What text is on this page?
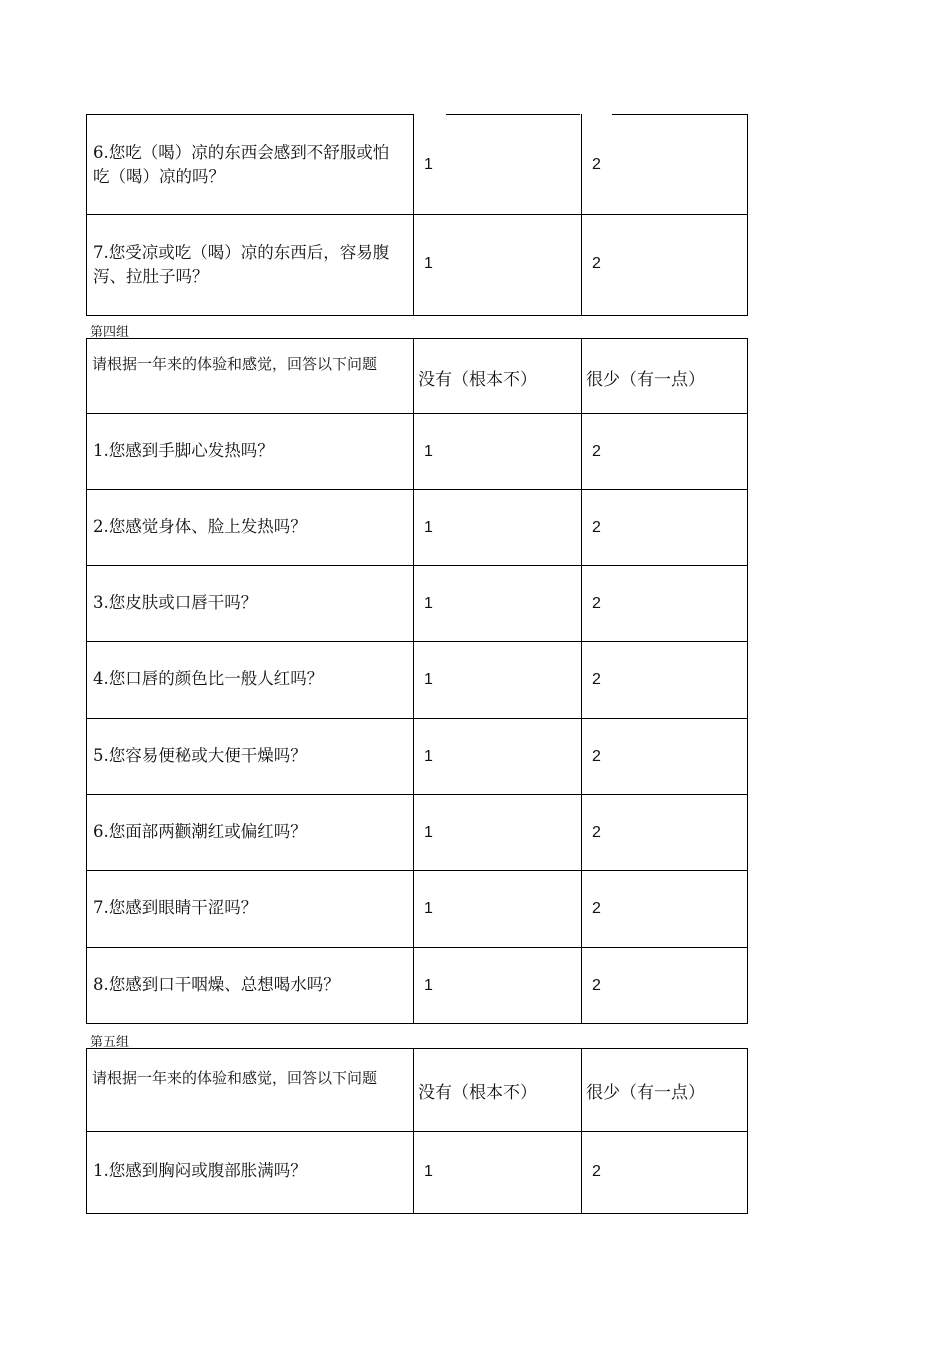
6.您吃（喝）凉的东西会感到不舒服或怕吃（喝）凉的吗？
1	2
7.您受凉或吃（喝）凉的东西后，容易腹泻、拉肚子吗？
1	2
第四组
请根据一年来的体验和感觉，回答以下问题
没有（根本不）	很少（有一点）
1.您感到手脚心发热吗？	1	2
2.您感觉身体、脸上发热吗？	1	2
3.您皮肤或口唇干吗？	1	2
4.您口唇的颜色比一般人红吗？	1	2
5.您容易便秘或大便干燥吗？	1	2
6.您面部两颧潮红或偏红吗？	1	2
7.您感到眼睛干涩吗？	1	2
8.您感到口干咽燥、总想喝水吗？	1	2
第五组
请根据一年来的体验和感觉，回答以下问题
没有（根本不）	很少（有一点）
1.您感到胸闷或腹部胀满吗？	1	2
